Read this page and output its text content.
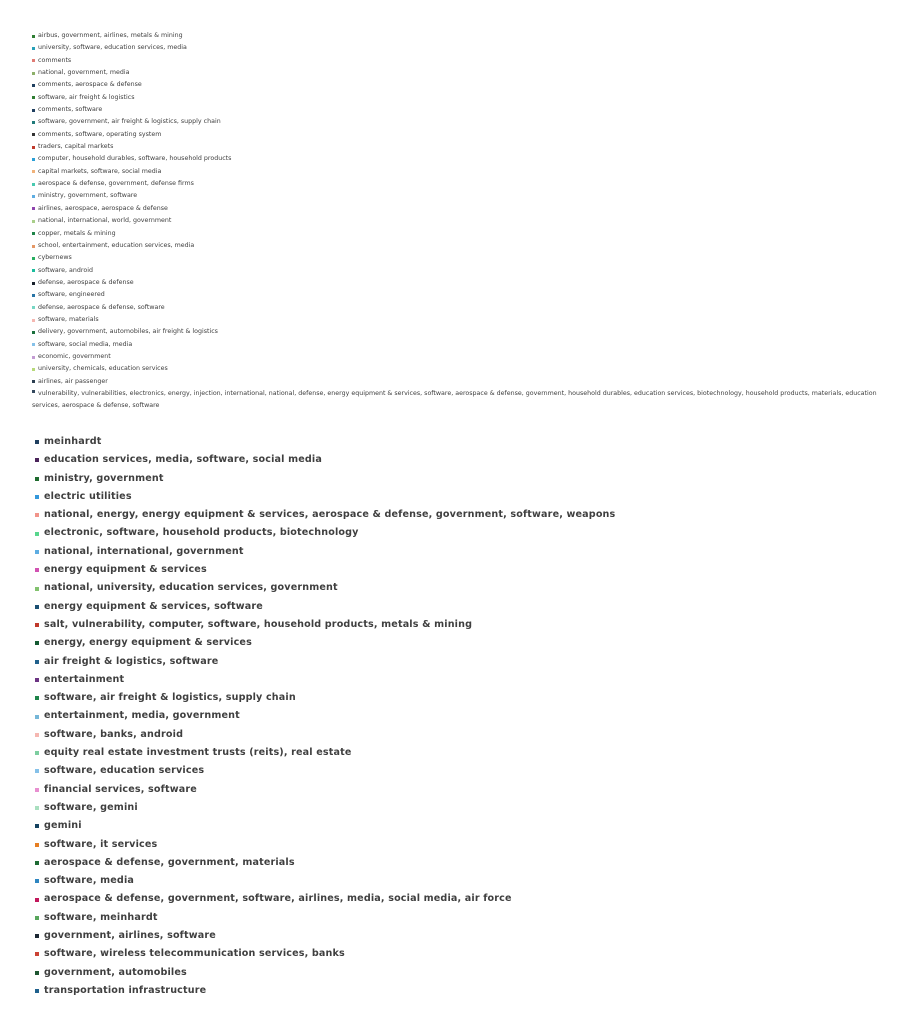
airbus, government, airlines, metals & mining
university, software, education services, media
comments
national, government, media
comments, aerospace & defense
software, air freight & logistics
comments, software
software, government, air freight & logistics, supply chain
comments, software, operating system
traders, capital markets
computer, household durables, software, household products
capital markets, software, social media
aerospace & defense, government, defense firms
ministry, government, software
airlines, aerospace, aerospace & defense
national, international, world, government
copper, metals & mining
school, entertainment, education services, media
cybernews
software, android
defense, aerospace & defense
software, engineered
defense, aerospace & defense, software
software, materials
delivery, government, automobiles, air freight & logistics
software, social media, media
economic, government
university, chemicals, education services
airlines, air passenger
vulnerability, vulnerabilities, electronics, energy, injection, international, national, defense, energy equipment & services, software, aerospace & defense, government, household durables, education services, biotechnology, household products, materials, education services, aerospace & defense, software
meinhardt
education services, media, software, social media
ministry, government
electric utilities
national, energy, energy equipment & services, aerospace & defense, government, software, weapons
electronic, software, household products, biotechnology
national, international, government
energy equipment & services
national, university, education services, government
energy equipment & services, software
salt, vulnerability, computer, software, household products, metals & mining
energy, energy equipment & services
air freight & logistics, software
entertainment
software, air freight & logistics, supply chain
entertainment, media, government
software, banks, android
equity real estate investment trusts (reits), real estate
software, education services
financial services, software
software, gemini
gemini
software, it services
aerospace & defense, government, materials
software, media
aerospace & defense, government, software, airlines, media, social media, air force
software, meinhardt
government, airlines, software
software, wireless telecommunication services, banks
government, automobiles
transportation infrastructure
